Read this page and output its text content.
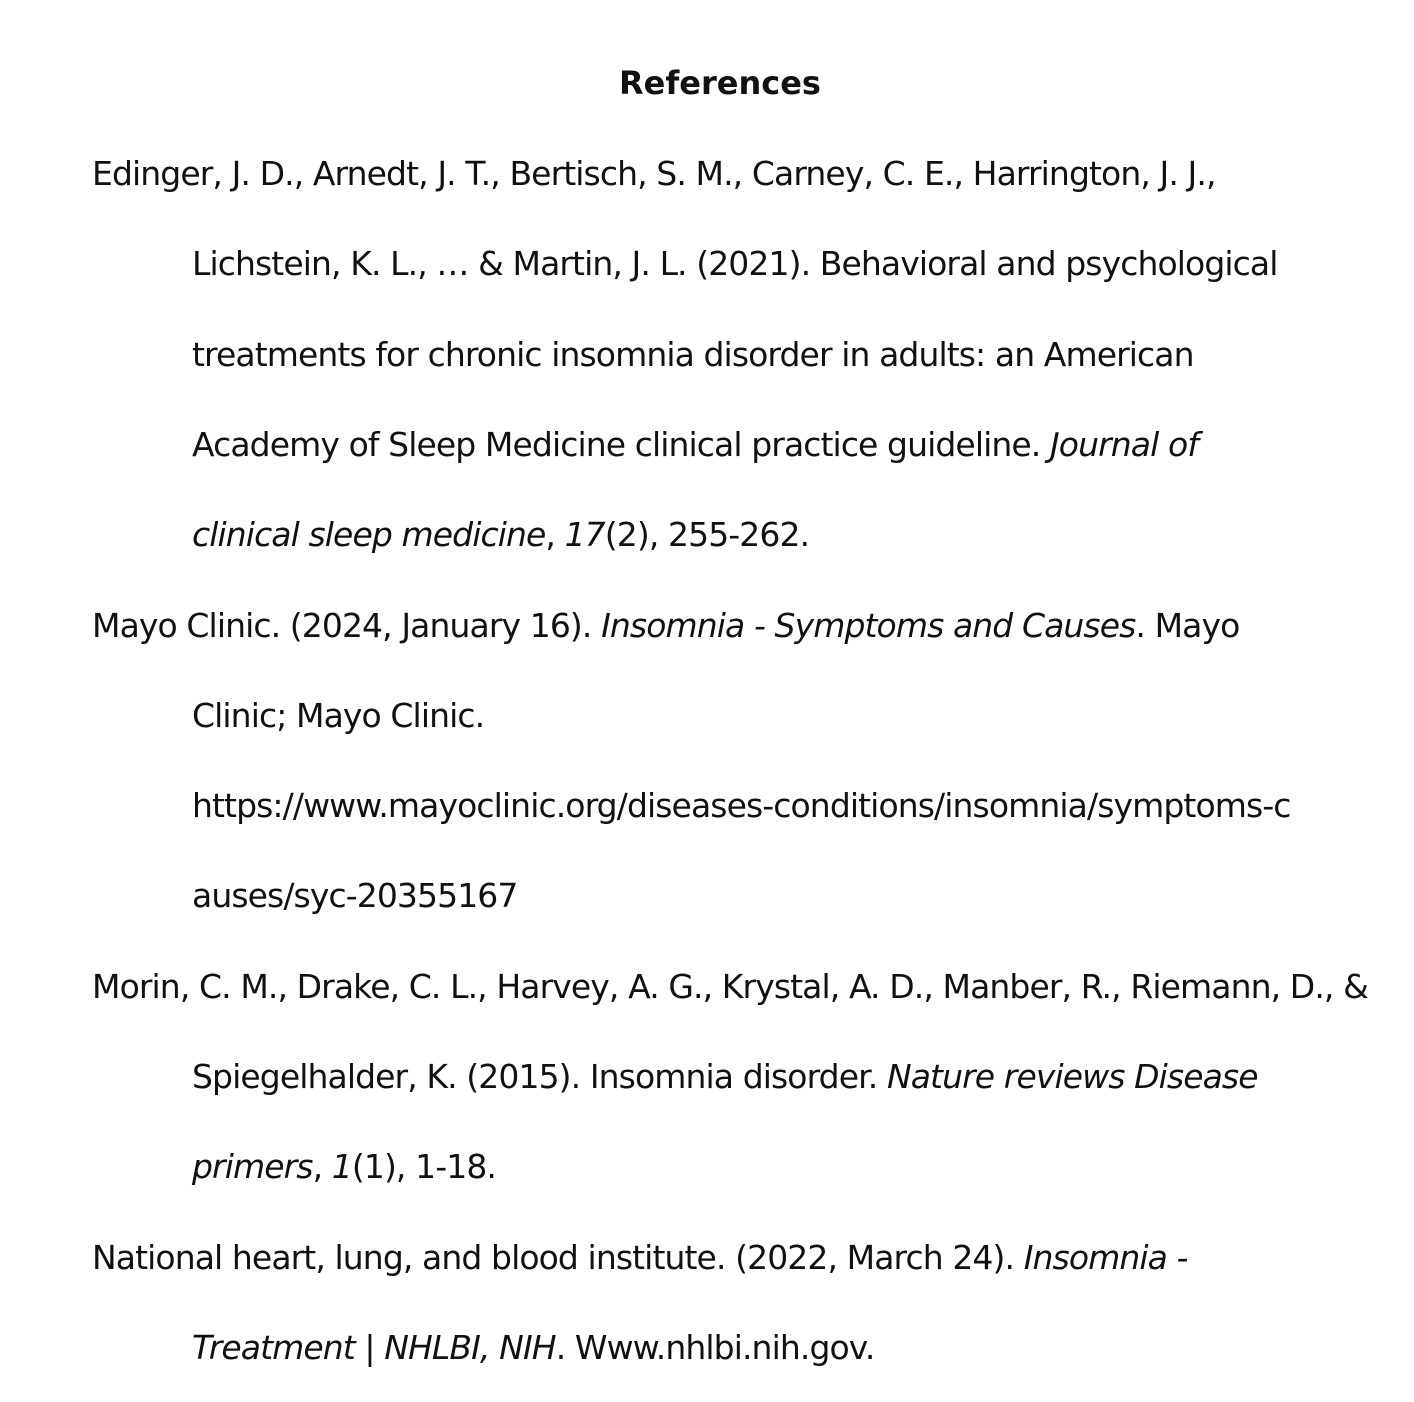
References
Edinger, J. D., Arnedt, J. T., Bertisch, S. M., Carney, C. E., Harrington, J. J.,
Lichstein, K. L., … & Martin, J. L. (2021). Behavioral and psychological
treatments for chronic insomnia disorder in adults: an American
Academy of Sleep Medicine clinical practice guideline. Journal of
clinical sleep medicine, 17(2), 255-262.
Mayo Clinic. (2024, January 16). Insomnia - Symptoms and Causes. Mayo
Clinic; Mayo Clinic.
https://www.mayoclinic.org/diseases-conditions/insomnia/symptoms-c
auses/syc-20355167
Morin, C. M., Drake, C. L., Harvey, A. G., Krystal, A. D., Manber, R., Riemann, D., &
Spiegelhalder, K. (2015). Insomnia disorder. Nature reviews Disease
primers, 1(1), 1-18.
National heart, lung, and blood institute. (2022, March 24). Insomnia -
Treatment | NHLBI, NIH. Www.nhlbi.nih.gov.
